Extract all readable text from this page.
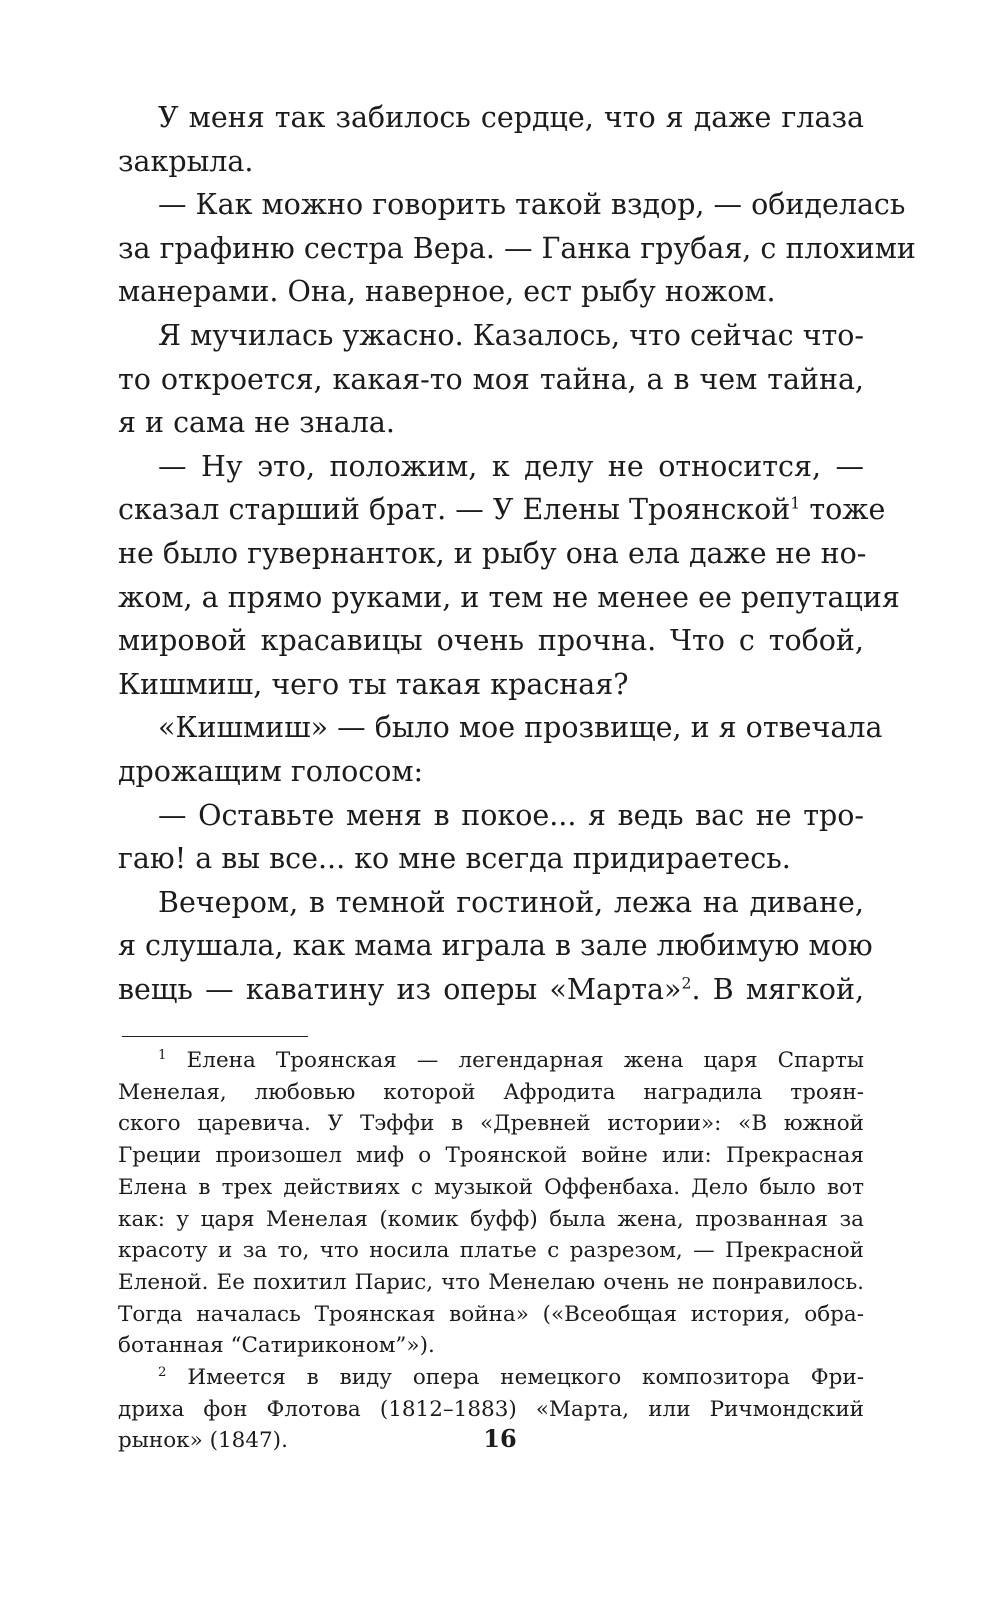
У меня так забилось сердце, что я даже глаза
закрыла.
— Как можно говорить такой вздор, — обиделась
за графиню сестра Вера. — Ганка грубая, с плохими
манерами. Она, наверное, ест рыбу ножом.
Я мучилась ужасно. Казалось, что сейчас что-
то откроется, какая-то моя тайна, а в чем тайна,
я и сама не знала.
— Ну это, положим, к делу не относится, —
сказал старший брат. — У Елены Троянской$^1$ тоже
не было гувернанток, и рыбу она ела даже не но-
жом, а прямо руками, и тем не менее ее репутация
мировой красавицы очень прочна. Что с тобой,
Кишмиш, чего ты такая красная?
«Кишмиш» — было мое прозвище, и я отвечала
дрожащим голосом:
— Оставьте меня в покое... я ведь вас не тро-
гаю! а вы все... ко мне всегда придираетесь.
Вечером, в темной гостиной, лежа на диване,
я слушала, как мама играла в зале любимую мою
вещь — каватину из оперы «Марта»$^2$. В мягкой,
$^1$ Елена Троянская — легендарная жена царя Спарты
Менелая, любовью которой Афродита наградила троян-
ского царевича. У Тэффи в «Древней истории»: «В южной
Греции произошел миф о Троянской войне или: Прекрасная
Елена в трех действиях с музыкой Оффенбаха. Дело было вот
как: у царя Менелая (комик буфф) была жена, прозванная за
красоту и за то, что носила платье с разрезом, — Прекрасной
Еленой. Ее похитил Парис, что Менелаю очень не понравилось.
Тогда началась Троянская война» («Всеобщая история, обра-
ботанная “Сатириконом”»).
$^2$ Имеется в виду опера немецкого композитора Фри-
дриха фон Флотова (1812–1883) «Марта, или Ричмондский
рынок» (1847).	16
